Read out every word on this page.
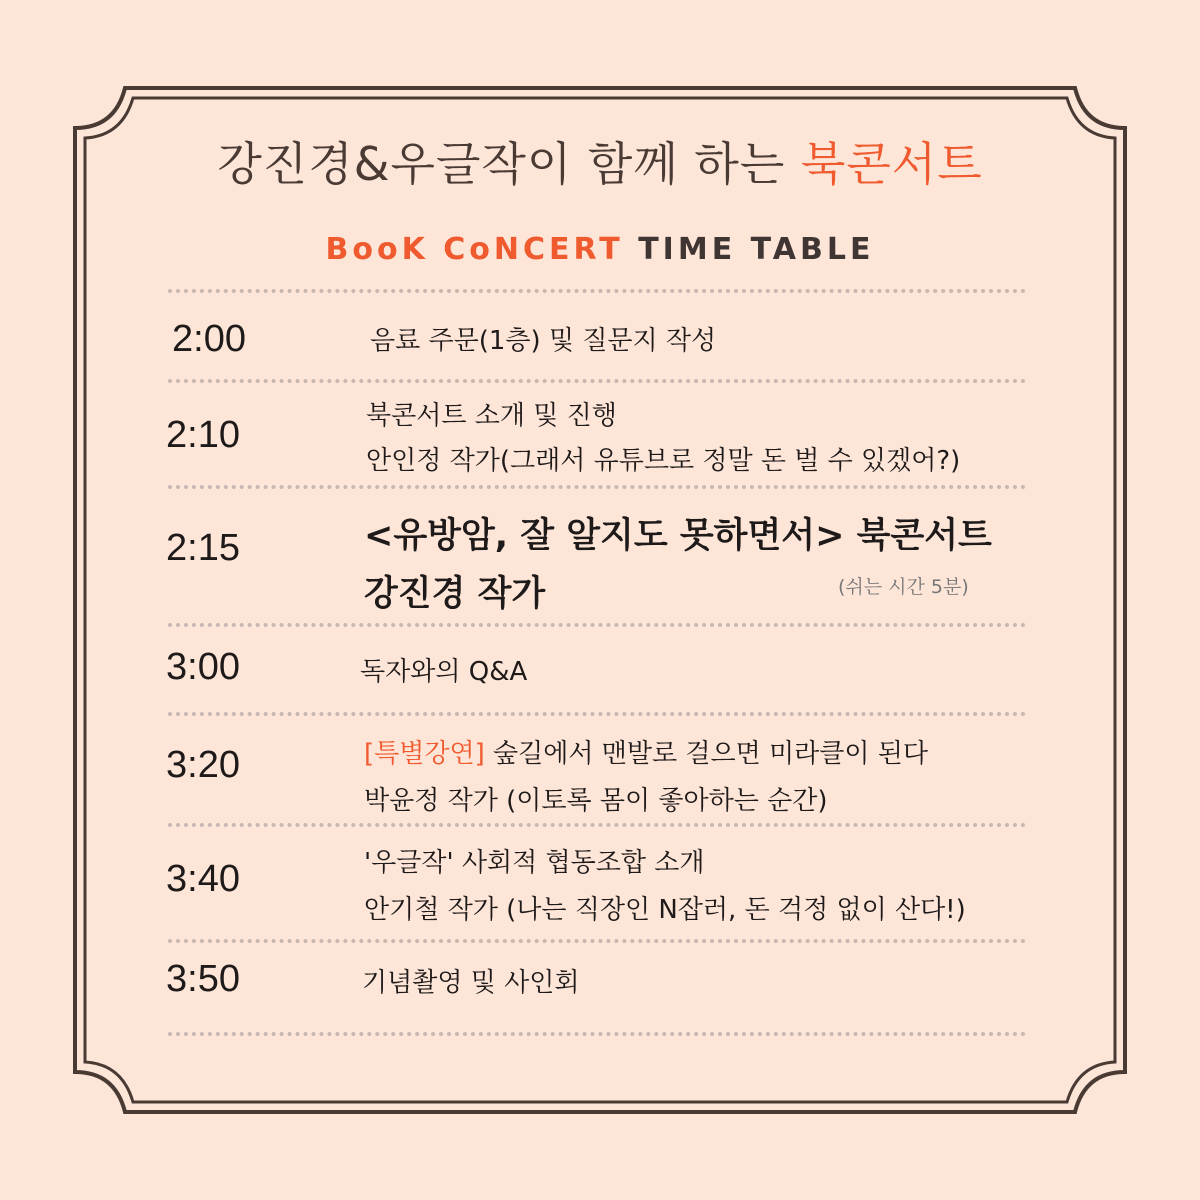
강진경&우글작이 함께 하는 북콘서트
BooK CoNCERT TIME TABLE
2:00	음료 주문(1층) 및 질문지 작성
2:10	북콘서트 소개 및 진행
안인정 작가(그래서 유튜브로 정말 돈 벌 수 있겠어?)
2:15	<유방암, 잘 알지도 못하면서> 북콘서트
강진경 작가	(쉬는 시간 5분)
3:00	독자와의 Q&A
3:20	[특별강연] 숲길에서 맨발로 걸으면 미라클이 된다
박윤정 작가 (이토록 몸이 좋아하는 순간)
3:40	'우글작' 사회적 협동조합 소개
안기철 작가 (나는 직장인 N잡러, 돈 걱정 없이 산다!)
3:50	기념촬영 및 사인회
